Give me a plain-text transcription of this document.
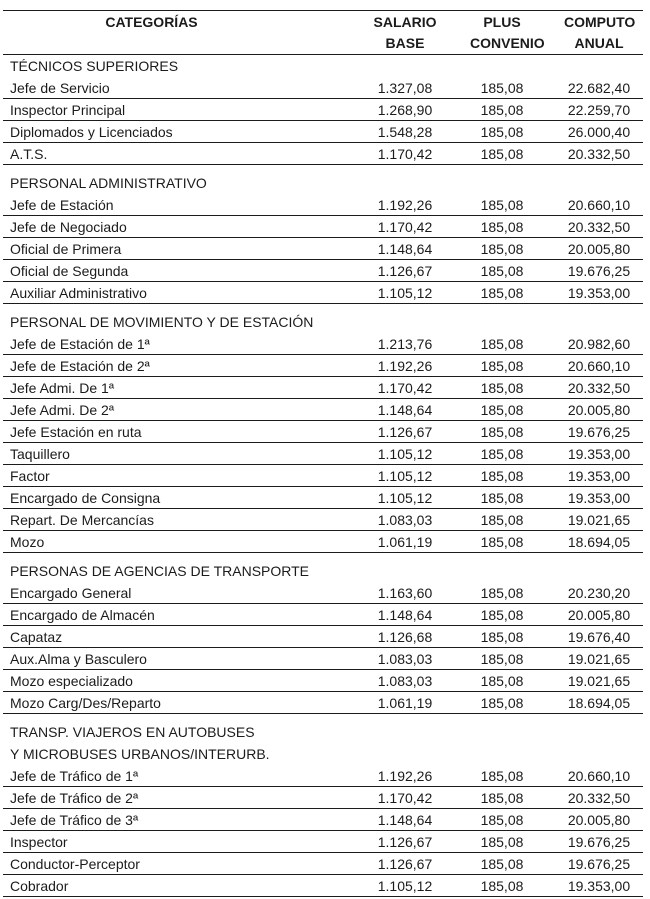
CATEGORÍAS	SALARIO	PLUS	COMPUTO
BASE	CONVENIO	ANUAL
TÉCNICOS SUPERIORES
Jefe de Servicio	1.327,08	185,08	22.682,40
Inspector Principal	1.268,90	185,08	22.259,70
Diplomados y Licenciados	1.548,28	185,08	26.000,40
A.T.S.	1.170,42	185,08	20.332,50
PERSONAL ADMINISTRATIVO
Jefe de Estación	1.192,26	185,08	20.660,10
Jefe de Negociado	1.170,42	185,08	20.332,50
Oficial de Primera	1.148,64	185,08	20.005,80
Oficial de Segunda	1.126,67	185,08	19.676,25
Auxiliar Administrativo	1.105,12	185,08	19.353,00
PERSONAL DE MOVIMIENTO Y DE ESTACIÓN
Jefe de Estación de 1ª	1.213,76	185,08	20.982,60
Jefe de Estación de 2ª	1.192,26	185,08	20.660,10
Jefe Admi. De 1ª	1.170,42	185,08	20.332,50
Jefe Admi. De 2ª	1.148,64	185,08	20.005,80
Jefe Estación en ruta	1.126,67	185,08	19.676,25
Taquillero	1.105,12	185,08	19.353,00
Factor	1.105,12	185,08	19.353,00
Encargado de Consigna	1.105,12	185,08	19.353,00
Repart. De Mercancías	1.083,03	185,08	19.021,65
Mozo	1.061,19	185,08	18.694,05
PERSONAS DE AGENCIAS DE TRANSPORTE
Encargado General	1.163,60	185,08	20.230,20
Encargado de Almacén	1.148,64	185,08	20.005,80
Capataz	1.126,68	185,08	19.676,40
Aux.Alma y Basculero	1.083,03	185,08	19.021,65
Mozo especializado	1.083,03	185,08	19.021,65
Mozo Carg/Des/Reparto	1.061,19	185,08	18.694,05
TRANSP. VIAJEROS EN AUTOBUSES
Y MICROBUSES URBANOS/INTERURB.
Jefe de Tráfico de 1ª	1.192,26	185,08	20.660,10
Jefe de Tráfico de 2ª	1.170,42	185,08	20.332,50
Jefe de Tráfico de 3ª	1.148,64	185,08	20.005,80
Inspector	1.126,67	185,08	19.676,25
Conductor-Perceptor	1.126,67	185,08	19.676,25
Cobrador	1.105,12	185,08	19.353,00
